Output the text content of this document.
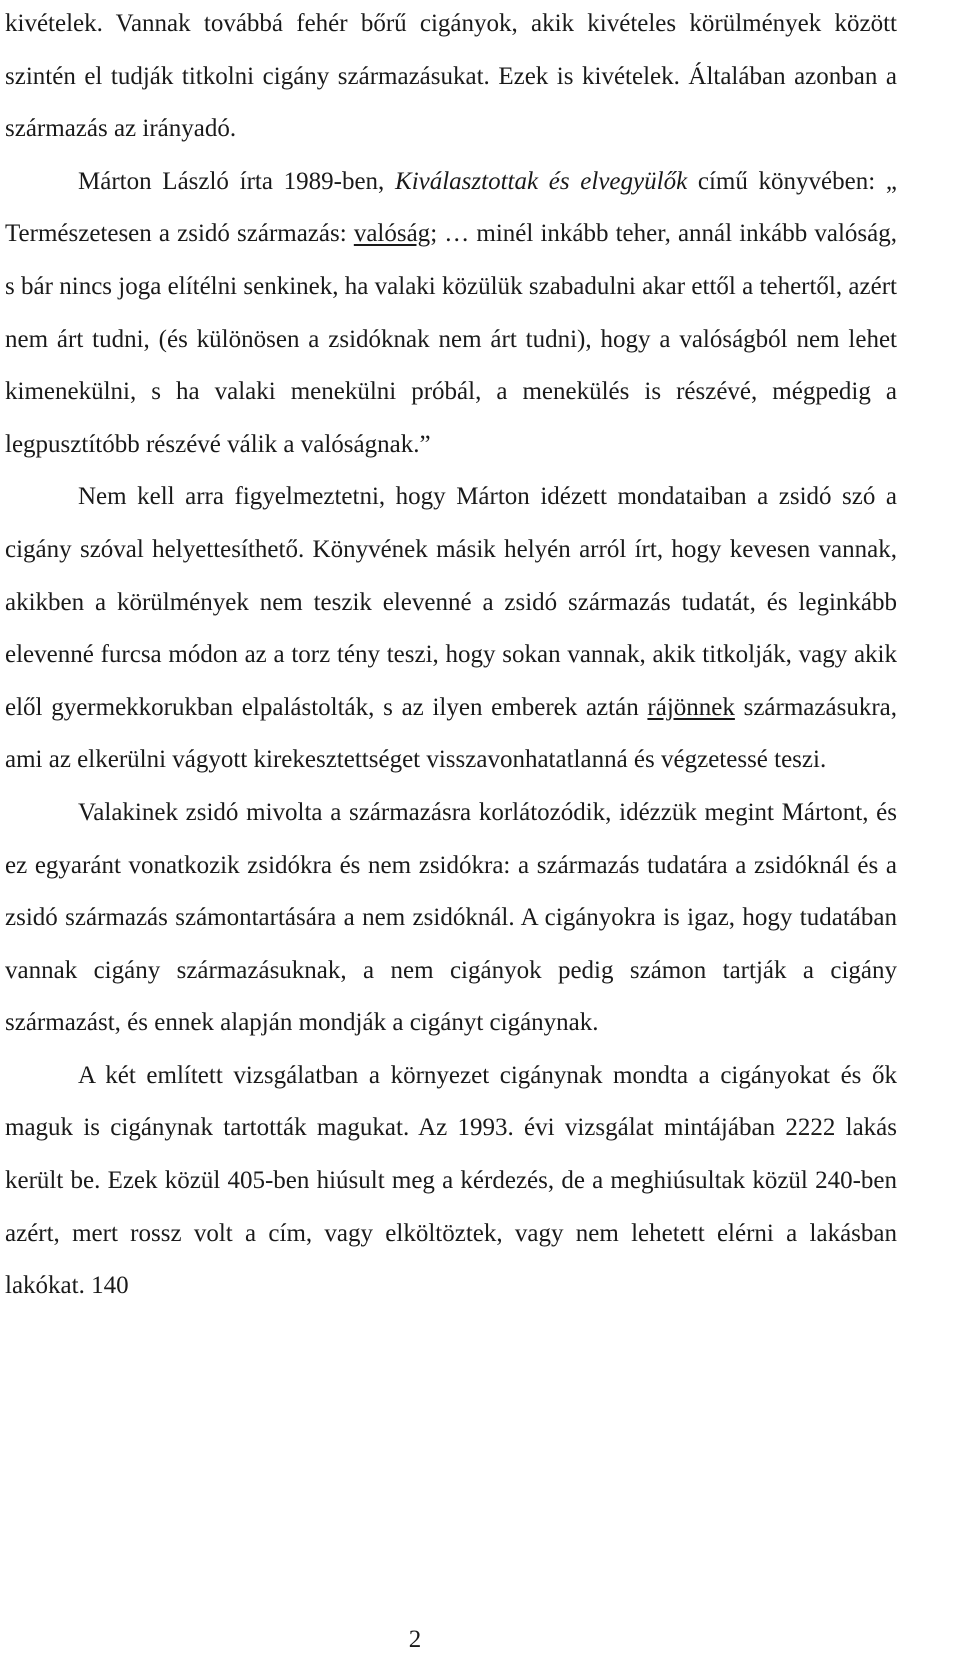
kivételek. Vannak továbbá fehér bőrű cigányok, akik kivételes körülmények között szintén el tudják titkolni cigány származásukat. Ezek is kivételek. Általában azonban a származás az irányadó.

Márton László írta 1989-ben, Kiválasztottak és elvegyülők című könyvében: „ Természetesen a zsidó származás: valóság; … minél inkább teher, annál inkább valóság, s bár nincs joga elítélni senkinek, ha valaki közülük szabadulni akar ettől a tehertől, azért nem árt tudni, (és különösen a zsidóknak nem árt tudni), hogy a valóságból nem lehet kimenekülni, s ha valaki menekülni próbál, a menekülés is részévé, mégpedig a legpusztítóbb részévé válik a valóságnak.”

Nem kell arra figyelmeztetni, hogy Márton idézett mondataiban a zsidó szó a cigány szóval helyettesíthető. Könyvének másik helyén arról írt, hogy kevesen vannak, akikben a körülmények nem teszik elevenné a zsidó származás tudatát, és leginkább elevenné furcsa módon az a torz tény teszi, hogy sokan vannak, akik titkolják, vagy akik elől gyermekkorukban elpalástolták, s az ilyen emberek aztán rájönnek származásukra, ami az elkerülni vágyott kirekesztettséget visszavonhatatlanná és végzetessé teszi.

Valakinek zsidó mivolta a származásra korlátozódik, idézzük megint Mártont, és ez egyaránt vonatkozik zsidókra és nem zsidókra: a származás tudatára a zsidóknál és a zsidó származás számontartására a nem zsidóknál. A cigányokra is igaz, hogy tudatában vannak cigány származásuknak, a nem cigányok pedig számon tartják a cigány származást, és ennek alapján mondják a cigányt cigánynak.

A két említett vizsgálatban a környezet cigánynak mondta a cigányokat és ők maguk is cigánynak tartották magukat. Az 1993. évi vizsgálat mintájában 2222 lakás került be. Ezek közül 405-ben hiúsult meg a kérdezés, de a meghiúsultak közül 240-ben azért, mert rossz volt a cím, vagy elköltöztek, vagy nem lehetett elérni a lakásban lakókat. 140

2
